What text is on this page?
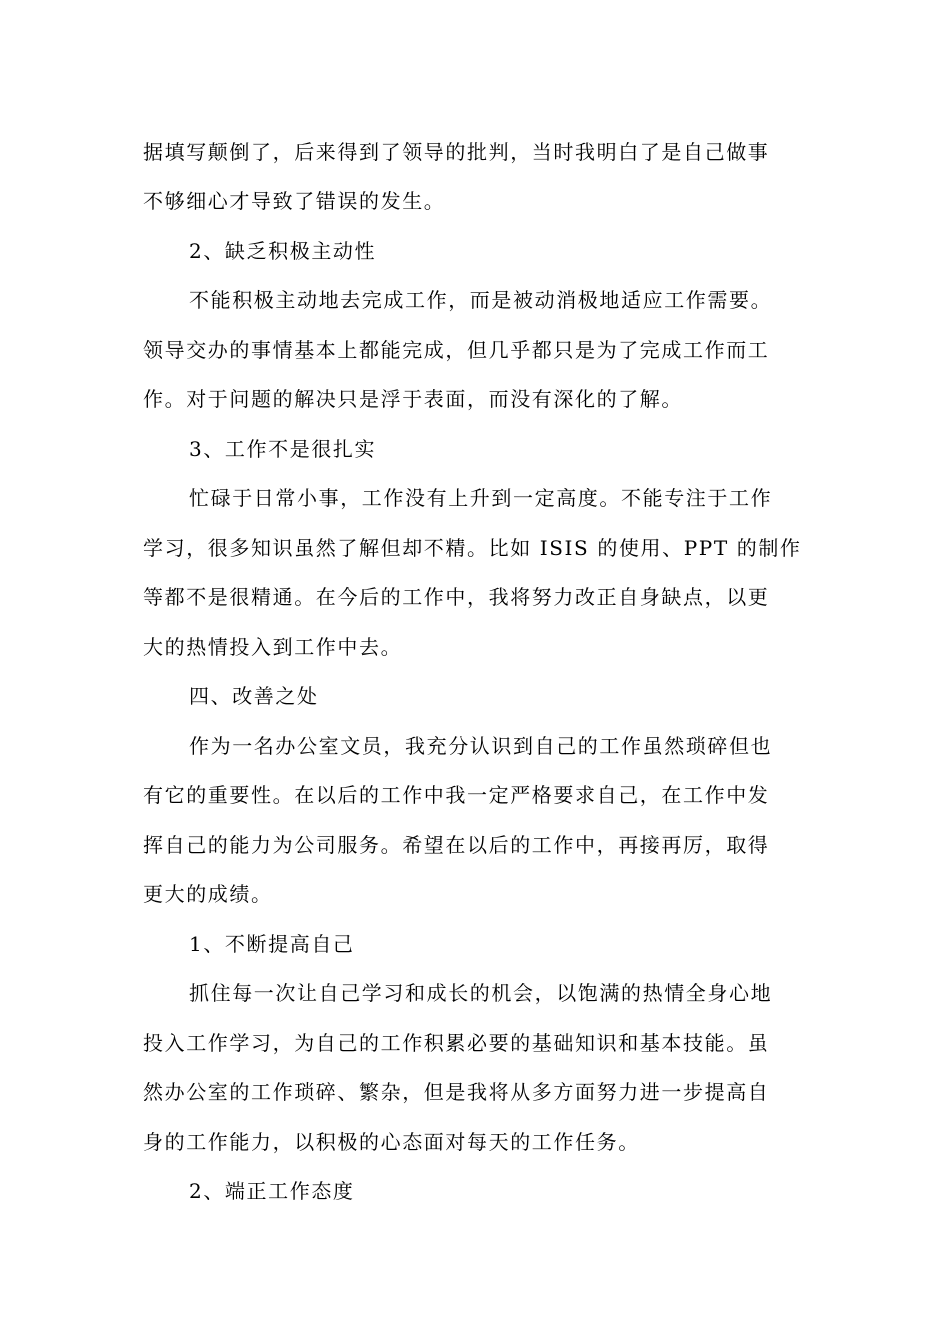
据填写颠倒了，后来得到了领导的批判，当时我明白了是自己做事

不够细心才导致了错误的发生。

2、缺乏积极主动性

不能积极主动地去完成工作，而是被动消极地适应工作需要。

领导交办的事情基本上都能完成，但几乎都只是为了完成工作而工

作。对于问题的解决只是浮于表面，而没有深化的了解。

3、工作不是很扎实

忙碌于日常小事，工作没有上升到一定高度。不能专注于工作

学习，很多知识虽然了解但却不精。比如 ISIS 的使用、PPT 的制作

等都不是很精通。在今后的工作中，我将努力改正自身缺点，以更

大的热情投入到工作中去。

四、改善之处

作为一名办公室文员，我充分认识到自己的工作虽然琐碎但也

有它的重要性。在以后的工作中我一定严格要求自己，在工作中发

挥自己的能力为公司服务。希望在以后的工作中，再接再厉，取得

更大的成绩。

1、不断提高自己

抓住每一次让自己学习和成长的机会，以饱满的热情全身心地

投入工作学习，为自己的工作积累必要的基础知识和基本技能。虽

然办公室的工作琐碎、繁杂，但是我将从多方面努力进一步提高自

身的工作能力，以积极的心态面对每天的工作任务。

2、端正工作态度
